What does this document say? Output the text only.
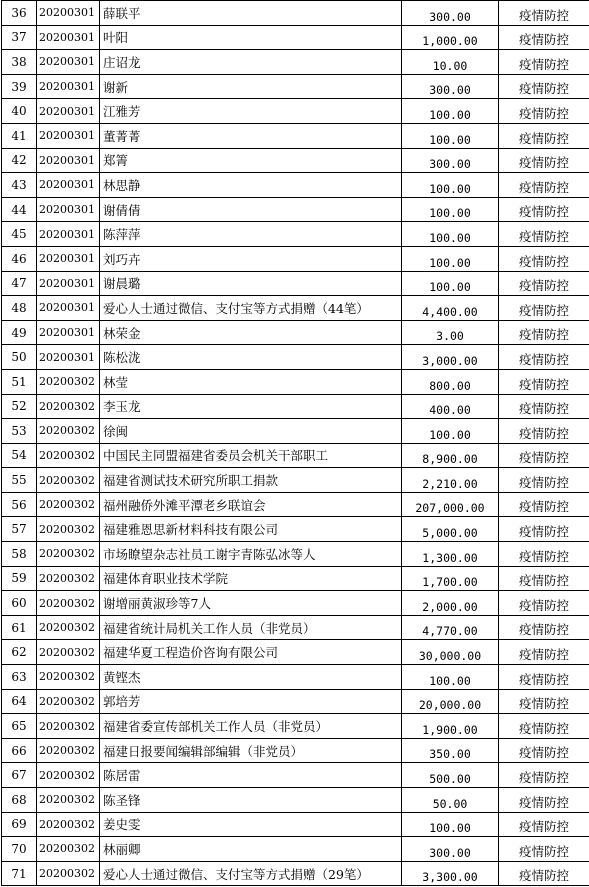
36	20200301	薛联平	300.00	疫情防控
37	20200301	叶阳	1,000.00	疫情防控
38	20200301	庄诏龙	10.00	疫情防控
39	20200301	谢新	300.00	疫情防控
40	20200301	江雅芳	100.00	疫情防控
41	20200301	董菁菁	100.00	疫情防控
42	20200301	郑箐	300.00	疫情防控
43	20200301	林思静	100.00	疫情防控
44	20200301	谢倩倩	100.00	疫情防控
45	20200301	陈萍萍	100.00	疫情防控
46	20200301	刘巧卉	100.00	疫情防控
47	20200301	谢晨璐	100.00	疫情防控
48	20200301	爱心人士通过微信、支付宝等方式捐赠（44笔）	4,400.00	疫情防控
49	20200301	林荣金	3.00	疫情防控
50	20200301	陈松泷	3,000.00	疫情防控
51	20200302	林莹	800.00	疫情防控
52	20200302	李玉龙	400.00	疫情防控
53	20200302	徐闽	100.00	疫情防控
54	20200302	中国民主同盟福建省委员会机关干部职工	8,900.00	疫情防控
55	20200302	福建省测试技术研究所职工捐款	2,210.00	疫情防控
56	20200302	福州融侨外滩平潭老乡联谊会	207,000.00	疫情防控
57	20200302	福建雅恩思新材料科技有限公司	5,000.00	疫情防控
58	20200302	市场瞭望杂志社员工谢宇青陈弘冰等人	1,300.00	疫情防控
59	20200302	福建体育职业技术学院	1,700.00	疫情防控
60	20200302	谢增丽黄淑珍等7人	2,000.00	疫情防控
61	20200302	福建省统计局机关工作人员（非党员）	4,770.00	疫情防控
62	20200302	福建华夏工程造价咨询有限公司	30,000.00	疫情防控
63	20200302	黄铿杰	100.00	疫情防控
64	20200302	郭培芳	20,000.00	疫情防控
65	20200302	福建省委宣传部机关工作人员（非党员）	1,900.00	疫情防控
66	20200302	福建日报要闻编辑部编辑（非党员）	350.00	疫情防控
67	20200302	陈居雷	500.00	疫情防控
68	20200302	陈圣锋	50.00	疫情防控
69	20200302	姜史雯	100.00	疫情防控
70	20200302	林丽卿	300.00	疫情防控
71	20200302	爱心人士通过微信、支付宝等方式捐赠（29笔）	3,300.00	疫情防控
